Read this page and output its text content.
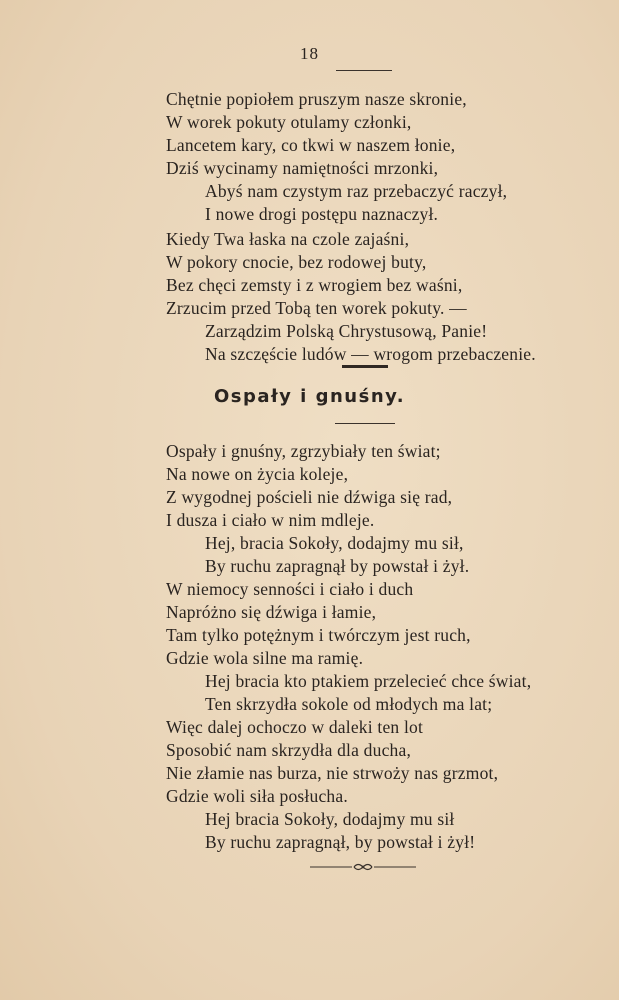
18
Chętnie popiołem pruszym nasze skronie,
W worek pokuty otulamy członki,
Lancetem kary, co tkwi w naszem łonie,
Dziś wycinamy namiętności mrzonki,
Abyś nam czystym raz przebaczyć raczył,
I nowe drogi postępu naznaczył.
Kiedy Twa łaska na czole zajaśni,
W pokory cnocie, bez rodowej buty,
Bez chęci zemsty i z wrogiem bez waśni,
Zrzucim przed Tobą ten worek pokuty. —
Zarządzim Polską Chrystusową, Panie!
Na szczęście ludów — wrogom przebaczenie.
Ospały i gnuśny.
Ospały i gnuśny, zgrzybiały ten świat;
Na nowe on życia koleje,
Z wygodnej pościeli nie dźwiga się rad,
I dusza i ciało w nim mdleje.
Hej, bracia Sokoły, dodajmy mu sił,
By ruchu zapragnął by powstał i żył.
W niemocy senności i ciało i duch
Napróżno się dźwiga i łamie,
Tam tylko potężnym i twórczym jest ruch,
Gdzie wola silne ma ramię.
Hej bracia kto ptakiem przelecieć chce świat,
Ten skrzydła sokole od młodych ma lat;
Więc dalej ochoczo w daleki ten lot
Sposobić nam skrzydła dla ducha,
Nie złamie nas burza, nie strwoży nas grzmot,
Gdzie woli siła posłucha.
Hej bracia Sokoły, dodajmy mu sił
By ruchu zapragnął, by powstał i żył!
